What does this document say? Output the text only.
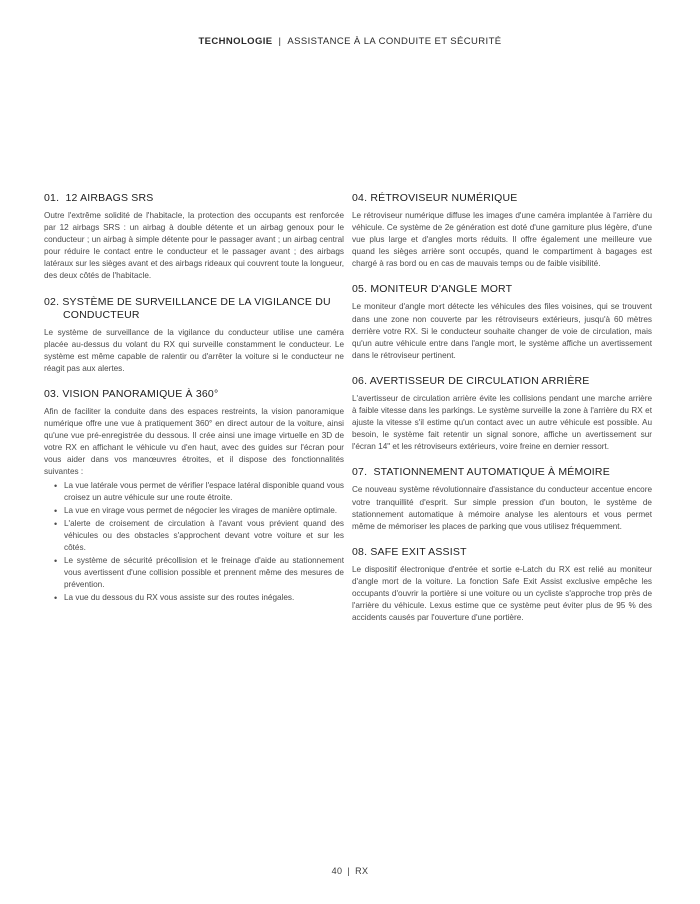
TECHNOLOGIE | ASSISTANCE À LA CONDUITE ET SÉCURITÉ
01. 12 AIRBAGS SRS

Outre l'extrême solidité de l'habitacle, la protection des occupants est renforcée par 12 airbags SRS : un airbag à double détente et un airbag genoux pour le conducteur ; un airbag à simple détente pour le passager avant ; un airbag central pour réduire le contact entre le conducteur et le passager avant ; des airbags latéraux sur les sièges avant et des airbags rideaux qui couvrent toute la longueur, des deux côtés de l'habitacle.

02. SYSTÈME DE SURVEILLANCE DE LA VIGILANCE DU CONDUCTEUR

Le système de surveillance de la vigilance du conducteur utilise une caméra placée au-dessus du volant du RX qui surveille constamment le conducteur. Le système est même capable de ralentir ou d'arrêter la voiture si le conducteur ne réagit pas aux alertes.

03. VISION PANORAMIQUE À 360°

Afin de faciliter la conduite dans des espaces restreints, la vision panoramique numérique offre une vue à pratiquement 360° en direct autour de la voiture, ainsi qu'une vue pré-enregistrée du dessous. Il crée ainsi une image virtuelle en 3D de votre RX en affichant le véhicule vu d'en haut, avec des guides sur l'écran pour vous aider dans vos manœuvres étroites, et il dispose des fonctionnalités suivantes :

• La vue latérale vous permet de vérifier l'espace latéral disponible quand vous croisez un autre véhicule sur une route étroite.
• La vue en virage vous permet de négocier les virages de manière optimale.
• L'alerte de croisement de circulation à l'avant vous prévient quand des véhicules ou des obstacles s'approchent devant votre voiture et sur les côtés.
• Le système de sécurité précollision et le freinage d'aide au stationnement vous avertissent d'une collision possible et prennent même des mesures de prévention.
• La vue du dessous du RX vous assiste sur des routes inégales.
04. RÉTROVISEUR NUMÉRIQUE

Le rétroviseur numérique diffuse les images d'une caméra implantée à l'arrière du véhicule. Ce système de 2e génération est doté d'une garniture plus légère, d'une vue plus large et d'angles morts réduits. Il offre également une meilleure vue quand les sièges arrière sont occupés, quand le compartiment à bagages est chargé à ras bord ou en cas de mauvais temps ou de faible visibilité.

05. MONITEUR D'ANGLE MORT

Le moniteur d'angle mort détecte les véhicules des files voisines, qui se trouvent dans une zone non couverte par les rétroviseurs extérieurs, jusqu'à 60 mètres derrière votre RX. Si le conducteur souhaite changer de voie de circulation, mais qu'un autre véhicule entre dans l'angle mort, le système affiche un avertissement dans le rétroviseur pertinent.

06. AVERTISSEUR DE CIRCULATION ARRIÈRE

L'avertisseur de circulation arrière évite les collisions pendant une marche arrière à faible vitesse dans les parkings. Le système surveille la zone à l'arrière du RX et ajuste la vitesse s'il estime qu'un contact avec un autre véhicule est possible. Au besoin, le système fait retentir un signal sonore, affiche un avertissement sur l'écran 14" et les rétroviseurs extérieurs, voire freine en dernier ressort.

07. STATIONNEMENT AUTOMATIQUE À MÉMOIRE

Ce nouveau système révolutionnaire d'assistance du conducteur accentue encore votre tranquillité d'esprit. Sur simple pression d'un bouton, le système de stationnement automatique à mémoire analyse les alentours et vous permet même de mémoriser les places de parking que vous utilisez fréquemment.

08. SAFE EXIT ASSIST

Le dispositif électronique d'entrée et sortie e-Latch du RX est relié au moniteur d'angle mort de la voiture. La fonction Safe Exit Assist exclusive empêche les occupants d'ouvrir la portière si une voiture ou un cycliste s'approche trop près de l'arrière du véhicule. Lexus estime que ce système peut éviter plus de 95 % des accidents causés par l'ouverture d'une portière.

40 | RX
